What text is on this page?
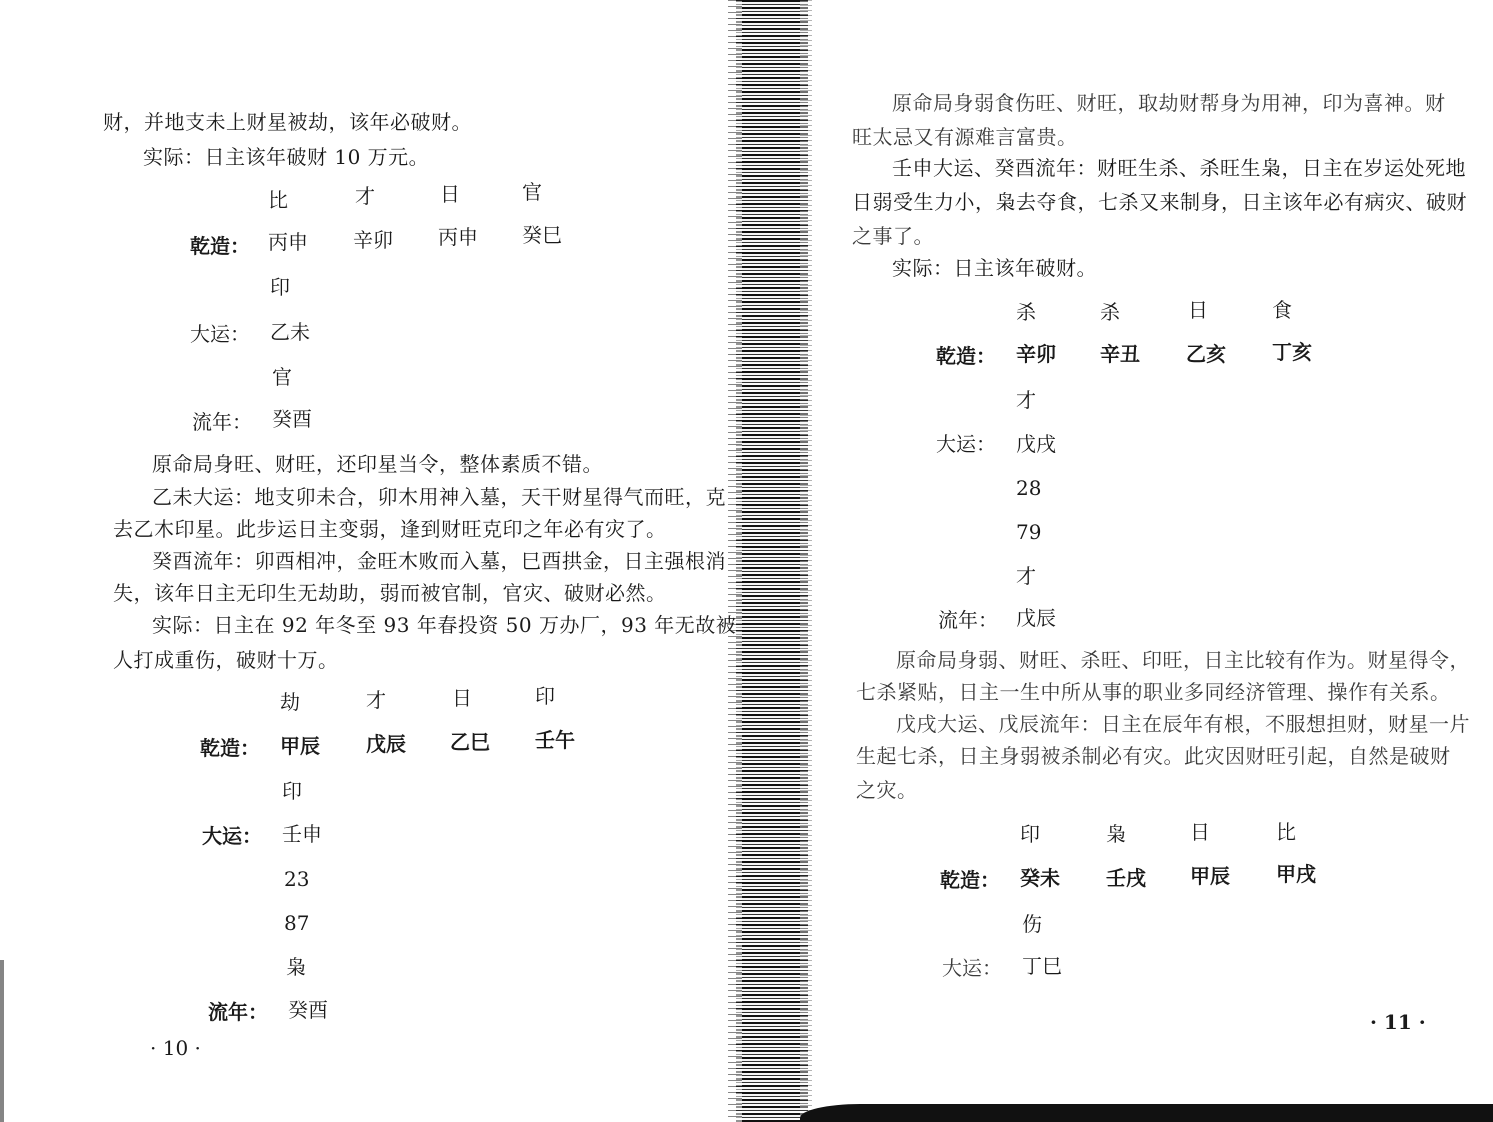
财，并地支未上财星被劫，该年必破财。
实际：日主该年破财 10 万元。
比	才	日	官
乾造： 丙申 辛卯 丙申 癸巳
印
大运： 乙未
官
流年： 癸酉
原命局身旺、财旺，还印星当令，整体素质不错。
乙未大运：地支卯未合，卯木用神入墓，天干财星得气而旺，克
去乙木印星。此步运日主变弱，逢到财旺克印之年必有灾了。
癸酉流年：卯酉相冲，金旺木败而入墓，巳酉拱金，日主强根消
失，该年日主无印生无劫助，弱而被官制，官灾、破财必然。
实际：日主在 92 年冬至 93 年春投资 50 万办厂，93 年无故被
人打成重伤，破财十万。
劫	才	日	印
乾造： 甲辰 戊辰 乙巳 壬午
印
大运： 壬申
23
87
枭
流年： 癸酉
· 10 ·
原命局身弱食伤旺、财旺，取劫财帮身为用神，印为喜神。财
旺太忌又有源难言富贵。
壬申大运、癸酉流年：财旺生杀、杀旺生枭，日主在岁运处死地
日弱受生力小，枭去夺食，七杀又来制身，日主该年必有病灾、破财
之事了。
实际：日主该年破财。
杀	杀	日	食
乾造： 辛卯 辛丑 乙亥 丁亥
才
大运： 戊戌
28
79
才
流年： 戊辰
原命局身弱、财旺、杀旺、印旺，日主比较有作为。财星得令，
七杀紧贴，日主一生中所从事的职业多同经济管理、操作有关系。
戊戌大运、戊辰流年：日主在辰年有根，不服想担财，财星一片
生起七杀，日主身弱被杀制必有灾。此灾因财旺引起，自然是破财
之灾。
印	枭	日	比
乾造： 癸未 壬戌 甲辰 甲戌
伤
大运： 丁巳
· 11 ·
